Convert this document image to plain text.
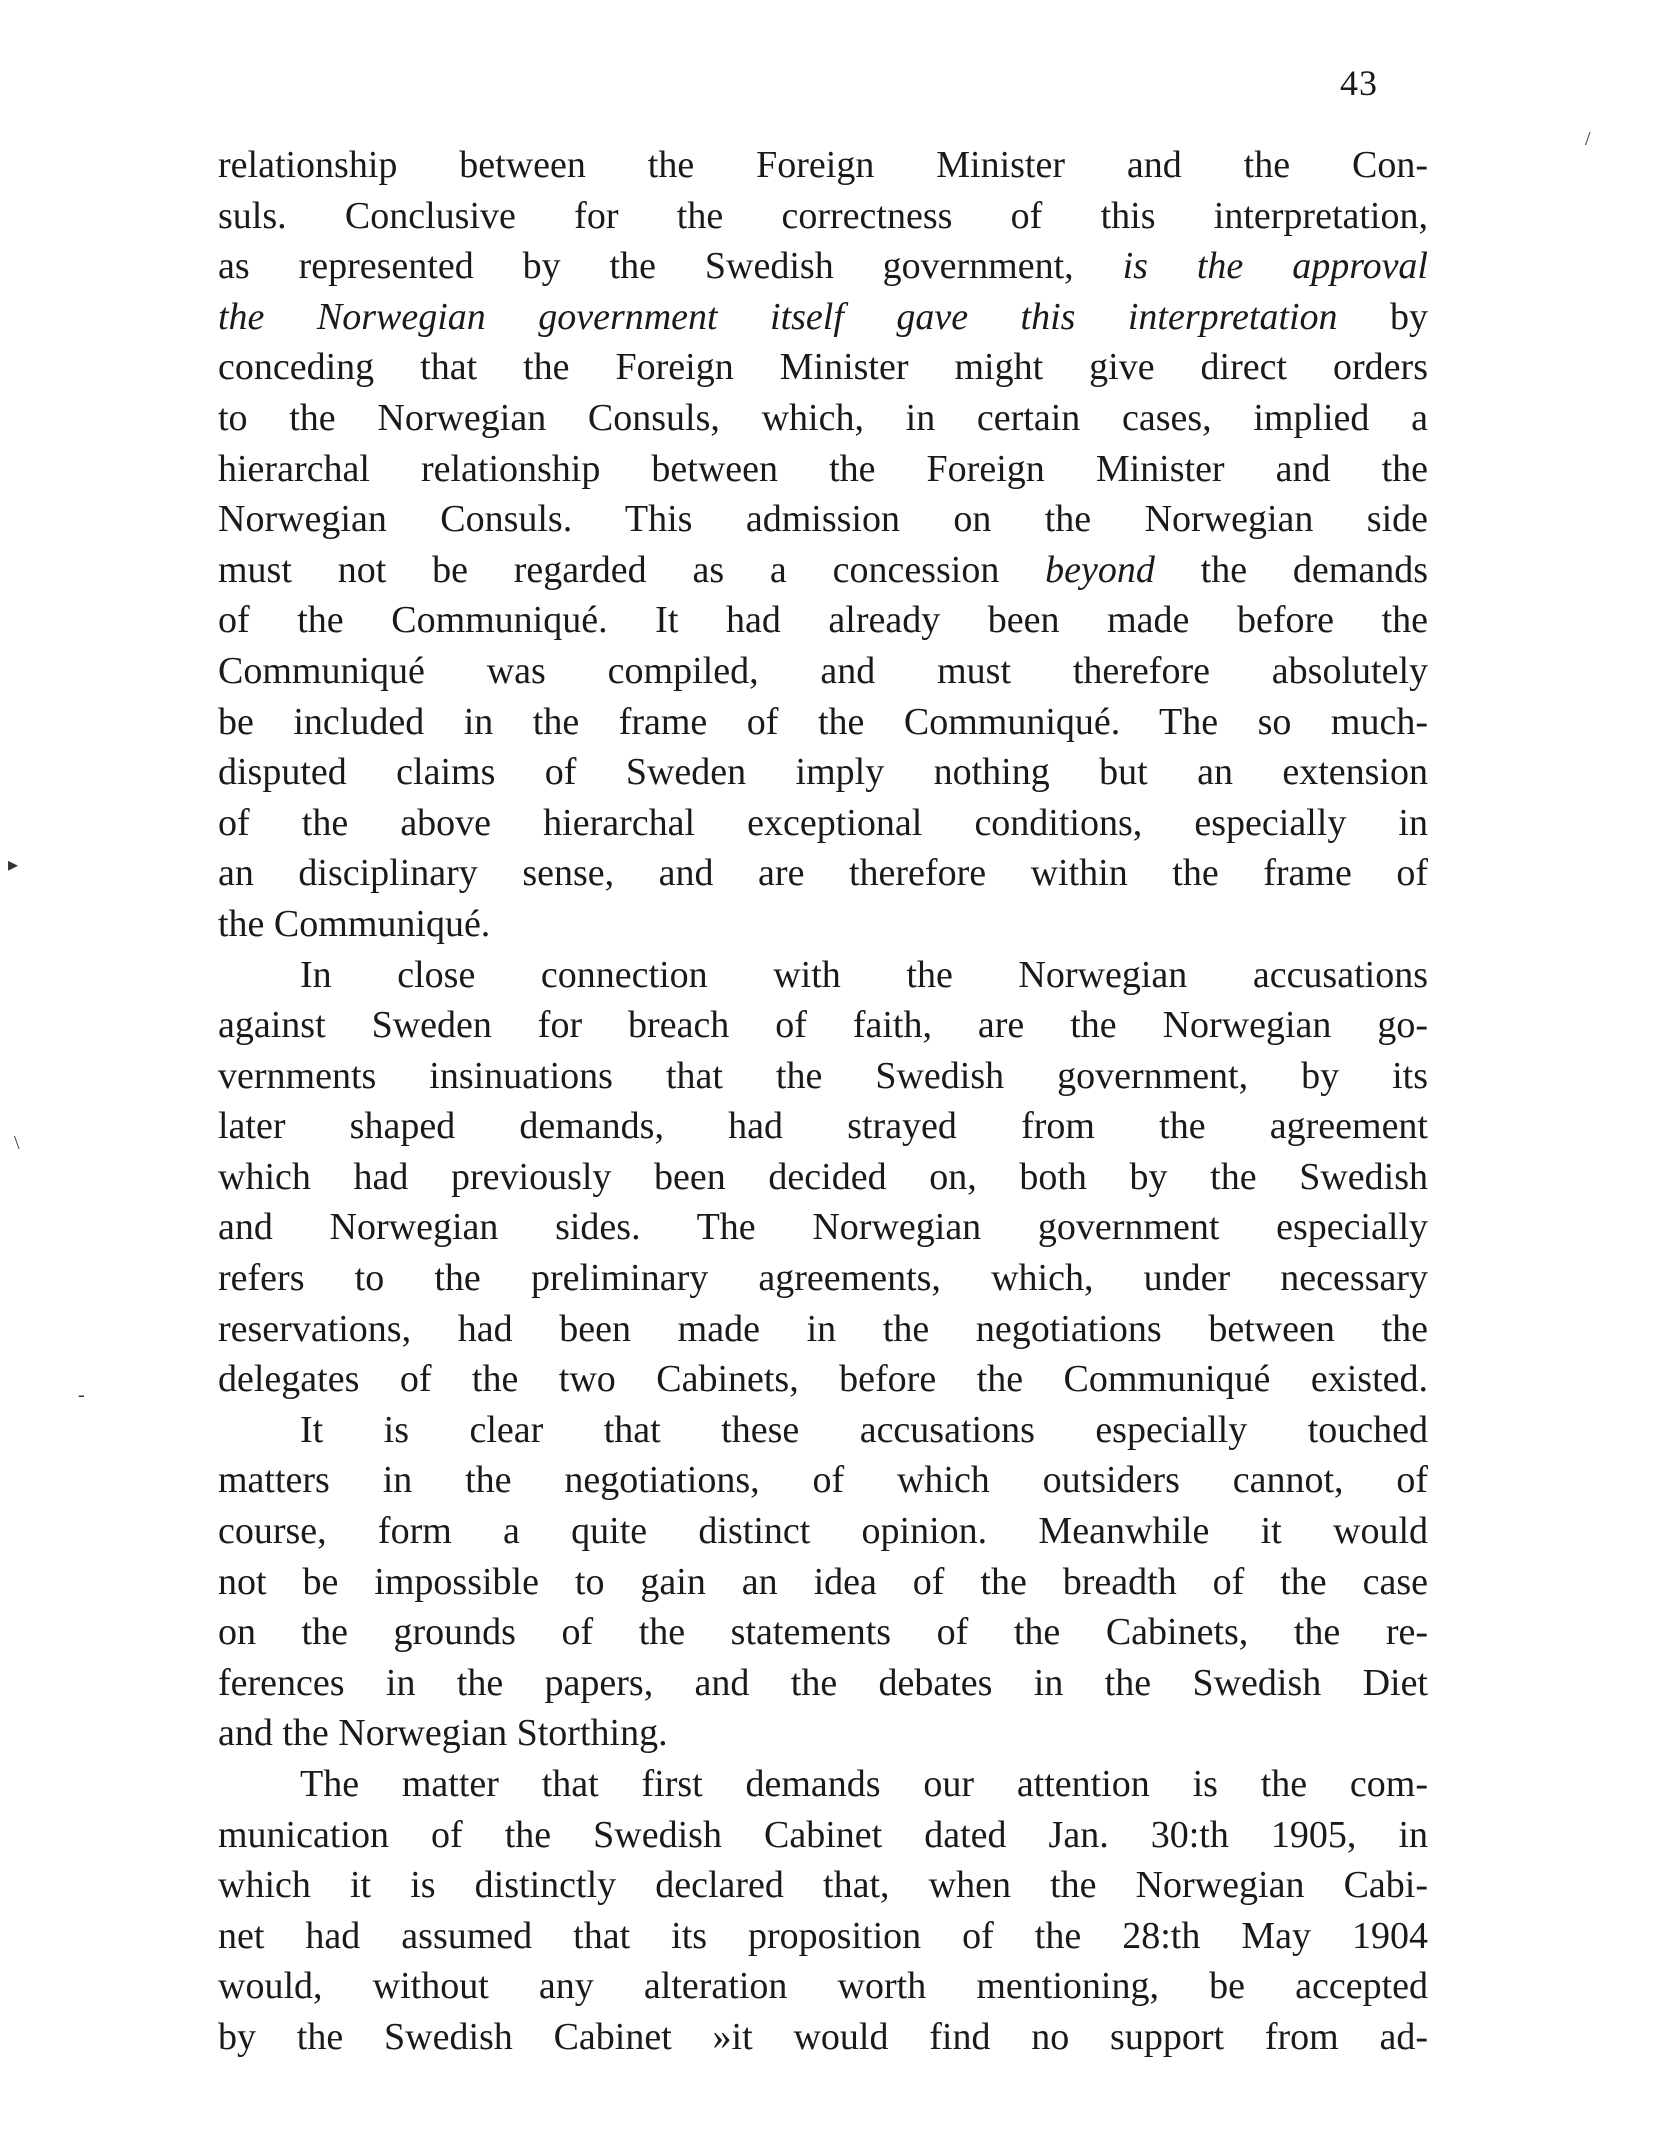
43
/
▸
\
-
relationship between the Foreign Minister and the Con-
suls. Conclusive for the correctness of this interpretation,
as represented by the Swedish government, is the approval
the Norwegian government itself gave this interpretation by
conceding that the Foreign Minister might give direct orders
to the Norwegian Consuls, which, in certain cases, implied a
hierarchal relationship between the Foreign Minister and the
Norwegian Consuls. This admission on the Norwegian side
must not be regarded as a concession beyond the demands
of the Communiqué. It had already been made before the
Communiqué was compiled, and must therefore absolutely
be included in the frame of the Communiqué. The so much-
disputed claims of Sweden imply nothing but an extension
of the above hierarchal exceptional conditions, especially in
an disciplinary sense, and are therefore within the frame of
the Communiqué.
In close connection with the Norwegian accusations
against Sweden for breach of faith, are the Norwegian go-
vernments insinuations that the Swedish government, by its
later shaped demands, had strayed from the agreement
which had previously been decided on, both by the Swedish
and Norwegian sides. The Norwegian government especially
refers to the preliminary agreements, which, under necessary
reservations, had been made in the negotiations between the
delegates of the two Cabinets, before the Communiqué existed.
It is clear that these accusations especially touched
matters in the negotiations, of which outsiders cannot, of
course, form a quite distinct opinion. Meanwhile it would
not be impossible to gain an idea of the breadth of the case
on the grounds of the statements of the Cabinets, the re-
ferences in the papers, and the debates in the Swedish Diet
and the Norwegian Storthing.
The matter that first demands our attention is the com-
munication of the Swedish Cabinet dated Jan. 30:th 1905, in
which it is distinctly declared that, when the Norwegian Cabi-
net had assumed that its proposition of the 28:th May 1904
would, without any alteration worth mentioning, be accepted
by the Swedish Cabinet »it would find no support from ad-
